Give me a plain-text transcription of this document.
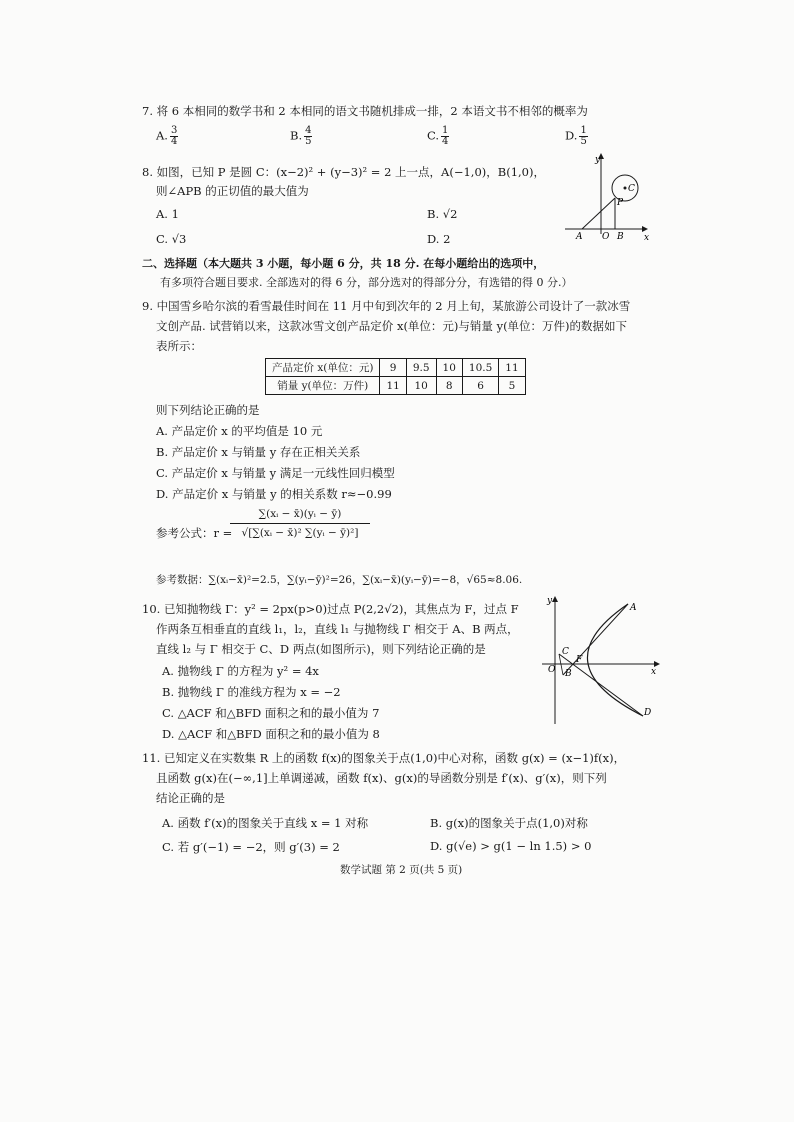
7. 将 6 本相同的数学书和 2 本相同的语文书随机排成一排，2 本语文书不相邻的概率为
A. $\frac{3}{4}$	B. $\frac{4}{5}$	C. $\frac{1}{4}$	D. $\frac{1}{5}$
8. 如图，已知 P 是圆 C：(x−2)² + (y−3)² = 2 上一点，A(−1,0)，B(1,0)，
则∠APB 的正切值的最大值为
A. 1	B. √2
C. √3	D. 2
y
x
C
P
A O B
二、选择题（本大题共 3 小题，每小题 6 分，共 18 分. 在每小题给出的选项中，
有多项符合题目要求. 全部选对的得 6 分，部分选对的得部分分，有选错的得 0 分.）
9. 中国雪乡哈尔滨的看雪最佳时间在 11 月中旬到次年的 2 月上旬，某旅游公司设计了一款冰雪
文创产品. 试营销以来，这款冰雪文创产品定价 x(单位：元)与销量 y(单位：万件)的数据如下
表所示：
产品定价 x(单位：元)	9	9.5	10	10.5	11
销量 y(单位：万件)	11	10	8	6	5
则下列结论正确的是
A. 产品定价 x 的平均值是 10 元
B. 产品定价 x 与销量 y 存在正相关关系
C. 产品定价 x 与销量 y 满足一元线性回归模型
D. 产品定价 x 与销量 y 的相关系数 r≈−0.99
参考公式：r =
$\frac{\text{∑(xᵢ − x̄)(yᵢ − ȳ)}}{\text{√[∑(xᵢ − x̄)² ∑(yᵢ − ȳ)²]}}$
参考数据：∑(xᵢ−x̄)²=2.5，∑(yᵢ−ȳ)²=26，∑(xᵢ−x̄)(yᵢ−ȳ)=−8，√65≈8.06.
10. 已知抛物线 Γ：y² = 2px(p>0)过点 P(2,2√2)，其焦点为 F，过点 F
作两条互相垂直的直线 l₁，l₂，直线 l₁ 与抛物线 Γ 相交于 A、B 两点，
直线 l₂ 与 Γ 相交于 C、D 两点(如图所示)，则下列结论正确的是
A. 抛物线 Γ 的方程为 y² = 4x
B. 抛物线 Γ 的准线方程为 x = −2
C. △ACF 和△BFD 面积之和的最小值为 7
D. △ACF 和△BFD 面积之和的最小值为 8
y
x
A
C
F
O B
D
11. 已知定义在实数集 R 上的函数 f(x)的图象关于点(1,0)中心对称，函数 g(x) = (x−1)f(x)，
且函数 g(x)在(−∞,1]上单调递减，函数 f(x)、g(x)的导函数分别是 f′(x)、g′(x)，则下列
结论正确的是
A. 函数 f′(x)的图象关于直线 x = 1 对称	B. g(x)的图象关于点(1,0)对称
C. 若 g′(−1) = −2，则 g′(3) = 2	D. g(√e) > g(1 − ln 1.5) > 0
数学试题 第 2 页(共 5 页)
